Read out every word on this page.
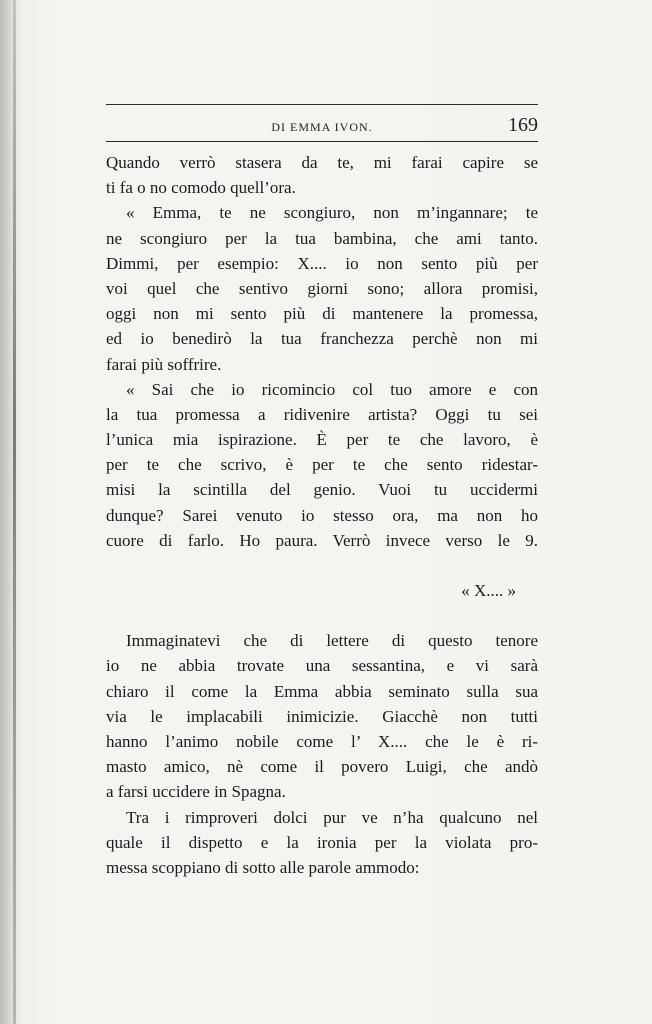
DI EMMA IVON.	169
Quando verrò stasera da te, mi farai capire se
ti fa o no comodo quell’ora.
« Emma, te ne scongiuro, non m’ingannare; te
ne scongiuro per la tua bambina, che ami tanto.
Dimmi, per esempio: X.... io non sento più per
voi quel che sentivo giorni sono; allora promisi,
oggi non mi sento più di mantenere la promessa,
ed io benedirò la tua franchezza perchè non mi
farai più soffrire.
« Sai che io ricomincio col tuo amore e con
la tua promessa a ridivenire artista? Oggi tu sei
l’unica mia ispirazione. È per te che lavoro, è
per te che scrivo, è per te che sento ridestar-
misi la scintilla del genio. Vuoi tu uccidermi
dunque? Sarei venuto io stesso ora, ma non ho
cuore di farlo. Ho paura. Verrò invece verso le 9.
« X.... »
Immaginatevi che di lettere di questo tenore
io ne abbia trovate una sessantina, e vi sarà
chiaro il come la Emma abbia seminato sulla sua
via le implacabili inimicizie. Giacchè non tutti
hanno l’animo nobile come l’ X.... che le è ri-
masto amico, nè come il povero Luigi, che andò
a farsi uccidere in Spagna.
Tra i rimproveri dolci pur ve n’ha qualcuno nel
quale il dispetto e la ironia per la violata pro-
messa scoppiano di sotto alle parole ammodo:
